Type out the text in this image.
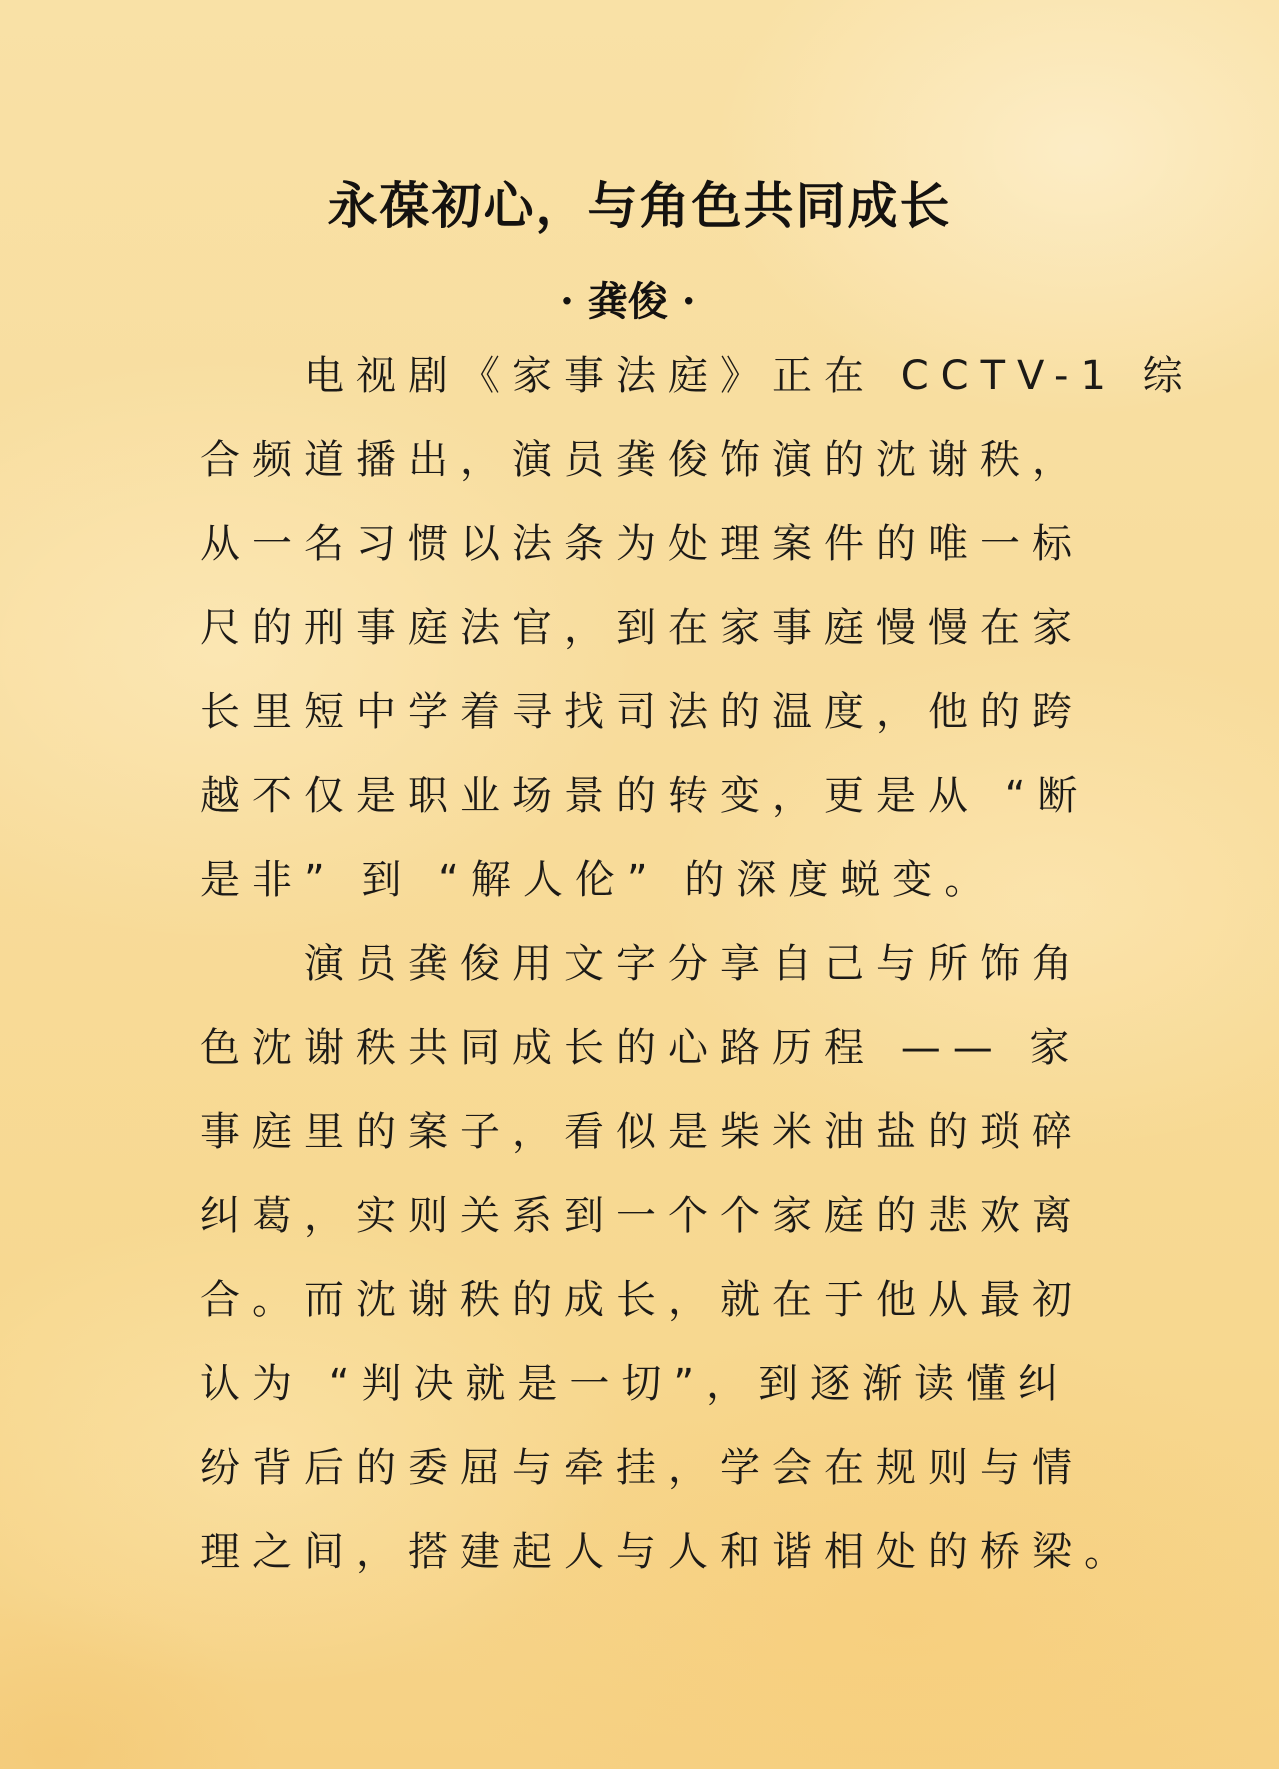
永葆初心，与角色共同成长
· 龚俊 ·
电视剧《家事法庭》正在 CCTV-1 综
合频道播出，演员龚俊饰演的沈谢秩，
从一名习惯以法条为处理案件的唯一标
尺的刑事庭法官，到在家事庭慢慢在家
长里短中学着寻找司法的温度，他的跨
越不仅是职业场景的转变，更是从 “断
是非” 到 “解人伦” 的深度蜕变。
演员龚俊用文字分享自己与所饰角
色沈谢秩共同成长的心路历程 —— 家
事庭里的案子，看似是柴米油盐的琐碎
纠葛，实则关系到一个个家庭的悲欢离
合。而沈谢秩的成长，就在于他从最初
认为 “判决就是一切”，到逐渐读懂纠
纷背后的委屈与牵挂，学会在规则与情
理之间，搭建起人与人和谐相处的桥梁。
